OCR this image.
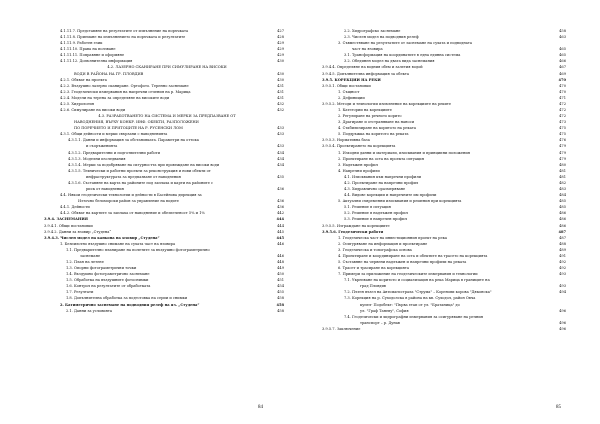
4.1.11.7. Представяне на резултатите от изпълнение на поръчката	427
4.1.11.8. Приемане на изпълнението на поръчката и резултатите	428
4.1.11.9. Работен език	429
4.1.11.10. Права на ползване	429
4.1.11.11. Поправяне и оформяне	429
4.1.11.12. Допълнителна информация	430
4.2. ЛАЗЕРНО СКАНИРАНЕ ПРИ СИМУЛИРАНЕ НА ВИСОКИ
ВОДИ В РАЙОНА НА ГР. ПЛОВДИВ	430
4.2.1. Обхват на проекта	430
4.2.2. Въздушно лазерно сканиране. Ортофото. Теренно заснемане	431
4.2.3. Геодезически измервания на напречни сечения на р. Марица	431
4.2.4. Модели на терена за определяне на високите води	431
4.2.5. Хидрология	432
4.2.6. Симулиране на високи води	432
4.3. РАЗРАБОТВАНЕТО НА СИСТЕМА И МЕРКИ ЗА ПРЕДПАЗВАНЕ ОТ
НАВОДНЕНИЯ, ВЪРХУ КОНКР. ИНФ. ОБЕКТИ, РАЗПОЛОЖЕНИ
ПО ПОРЕЧИЕТО И ПРИТОЦИТЕ НА Р. РУСЕНСКИ ЛОМ	433
4.3.1. Общи дейности и мерки свързани с наводненията	433
4.3.1.1. Данни и информация за обстановката. Параметри на оттока
и съоръженията	433
4.3.1.2. Предварителни и подготвителни работи	434
4.3.1.3. Моделни изследвания	434
4.3.1.4. Мерки за подобряване на сигурността при провеждане на високи води	434
4.3.1.5. Технически и работни проекти за реконструкция и нови обекти от
инфраструктурата за предпазване от наводнения	435
4.3.1.6. Съставяне на карта на районите под заплаха и карти на районите с
риск от наводнения	436
4.4. Някои геодезически технологии и дейности в Басейнова дирекция за
Източно беломорски район за управление на водите	436
4.4.1. Дейности	436
4.4.2. Обхват на картите за заплаха от наводнение и обезпеченост 5% и 1%	442
3.9.4. ЗАСНЕМАНИЯ	444
3.9.4.1. Общи постановки	444
3.9.4.2. Данни за язовир „Студена“	445
3.9.4.3. Числен модел на каньона на язовир „Студена“	445
1. Безпилотно въздушно снимане на сухата част на язовира	446
1.1. Предварително планиране на полетите за въздушно фотограметрично
заснемане	446
1.2. План на летене	448
1.3. Опорни фотограметрични точки	449
1.4. Въздушно фотограметрично заснемане	450
1.5. Обработка на въздушните фотоснимки	451
1.6. Контрол на резултатите от обработката	454
1.7. Резултати	455
1.8. Допълнителна обработка за подготовка на серии и снимки	458
2. Батиметрично заснемане на подводния релеф на яз. „Студена“	458
2.1. Данни за условията	458
2.2. Хидрографско заснемане	458
2.3. Числен модел на подводния релеф	463
3. Съвместяване на резултатите от заснемане на сухата и подводната
част на язовира	465
3.1. Трансформация на координатите в една единна система	465
3.2. Обединен модел на двата вида заснемания	466
3.9.4.4. Определяне на водния обем и залетия водой	467
3.9.4.5. Допълнителна информация за обекта	469
3.9.5. КОРЕКЦИИ НА РЕКИ	470
3.9.5.1. Общи постановки	470
1. Същност	470
2. Дефиниции	471
3.9.5.2. Методи и технологии изпълнение на корекциите на реките	472
1. Категории на корекциите	472
2. Регулиране на речното корито	472
3. Драгиране и отстраняване на наноси	473
4. Стабилизиране на коритото на реката	475
5. Поддръжка на коритото на реката	475
3.9.5.3. Нормативна база	476
3.9.5.4. Проектирането на корекцията	479
1. Изходни данни и материали, изисквания и принципни положения	479
2. Проектиране на оста на проекта ситуация	479
3. Надлъжен профил	480
4. Напречни профили	481
4.1. Изисквания към напречни профили	481
4.2. Проектиране на напречни профил	482
4.3. Хидравлично оразмеряване	483
4.4. Видове корекции и напречните им профили	484
5. Актуални съвременни изисквания и решения при корекцията	485
5.1. Решение в ситуация	485
5.2. Решение в надлъжен профил	486
5.3. Решение в напречен профил	486
3.9.5.5. Изграждане на корекциите	486
3.9.5.6. Геодезически работи	487
1. Геодезическа част на инвестиционния проект на река	487
2. Осигуряване на информация и проектиране	488
3. Геодезическа и топографска основа	489
4. Проектиране и координиране на оста и обектите на трасето на корекцията	491
5. Съставяне на червени надлъжен и напречни профили на реката	492
6. Трасет и трасиране на корекцията	492
7. Примери за приложение на геодезическите измервания и технологии	493
7.1. Укрепване на коритото и социализация на река Марица в границите на
град Пловдив	493
7.2. Пътен възел на Автомагистрала "Струма" – Коренови корова "Дяконска"	494
7.3. Корекция на р. Суходолска в района на кв. Суходол, район Овча
купел- Подобект: "Първа етап от ул. "Братаница" до
ул. "Граф Таневу", София	496
7.4. Геодезически и хидрографни измервания за осигуряване на речния
транспорт – р. Дунав	496
3.9.5.7. Заключение	496
84	85
